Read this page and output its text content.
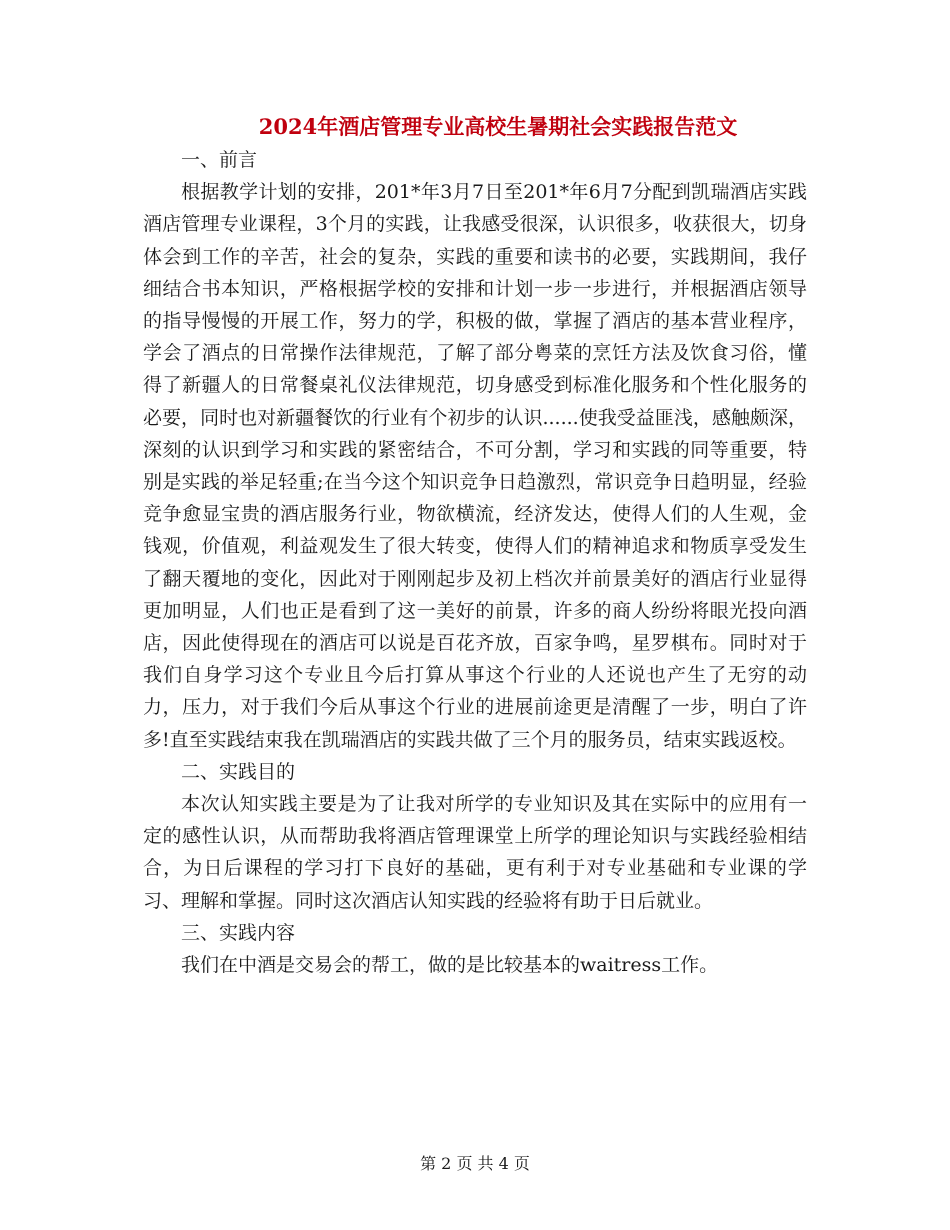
2024年酒店管理专业高校生暑期社会实践报告范文

一、前言

根据教学计划的安排，201*年3月7日至201*年6月7分配到凯瑞酒店实践酒店管理专业课程，3个月的实践，让我感受很深，认识很多，收获很大，切身体会到工作的辛苦，社会的复杂，实践的重要和读书的必要，实践期间，我仔细结合书本知识，严格根据学校的安排和计划一步一步进行，并根据酒店领导的指导慢慢的开展工作，努力的学，积极的做，掌握了酒店的基本营业程序，学会了酒点的日常操作法律规范，了解了部分粤菜的烹饪方法及饮食习俗，懂得了新疆人的日常餐桌礼仪法律规范，切身感受到标准化服务和个性化服务的必要，同时也对新疆餐饮的行业有个初步的认识......使我受益匪浅，感触颇深，深刻的认识到学习和实践的紧密结合，不可分割，学习和实践的同等重要，特别是实践的举足轻重;在当今这个知识竞争日趋激烈，常识竞争日趋明显，经验竞争愈显宝贵的酒店服务行业，物欲横流，经济发达，使得人们的人生观，金钱观，价值观，利益观发生了很大转变，使得人们的精神追求和物质享受发生了翻天覆地的变化，因此对于刚刚起步及初上档次并前景美好的酒店行业显得更加明显，人们也正是看到了这一美好的前景，许多的商人纷纷将眼光投向酒店，因此使得现在的酒店可以说是百花齐放，百家争鸣，星罗棋布。同时对于我们自身学习这个专业且今后打算从事这个行业的人还说也产生了无穷的动力，压力，对于我们今后从事这个行业的进展前途更是清醒了一步，明白了许多!直至实践结束我在凯瑞酒店的实践共做了三个月的服务员，结束实践返校。

二、实践目的

本次认知实践主要是为了让我对所学的专业知识及其在实际中的应用有一定的感性认识，从而帮助我将酒店管理课堂上所学的理论知识与实践经验相结合，为日后课程的学习打下良好的基础，更有利于对专业基础和专业课的学习、理解和掌握。同时这次酒店认知实践的经验将有助于日后就业。

三、实践内容

我们在中酒是交易会的帮工，做的是比较基本的waitress工作。

第 2 页 共 4 页
